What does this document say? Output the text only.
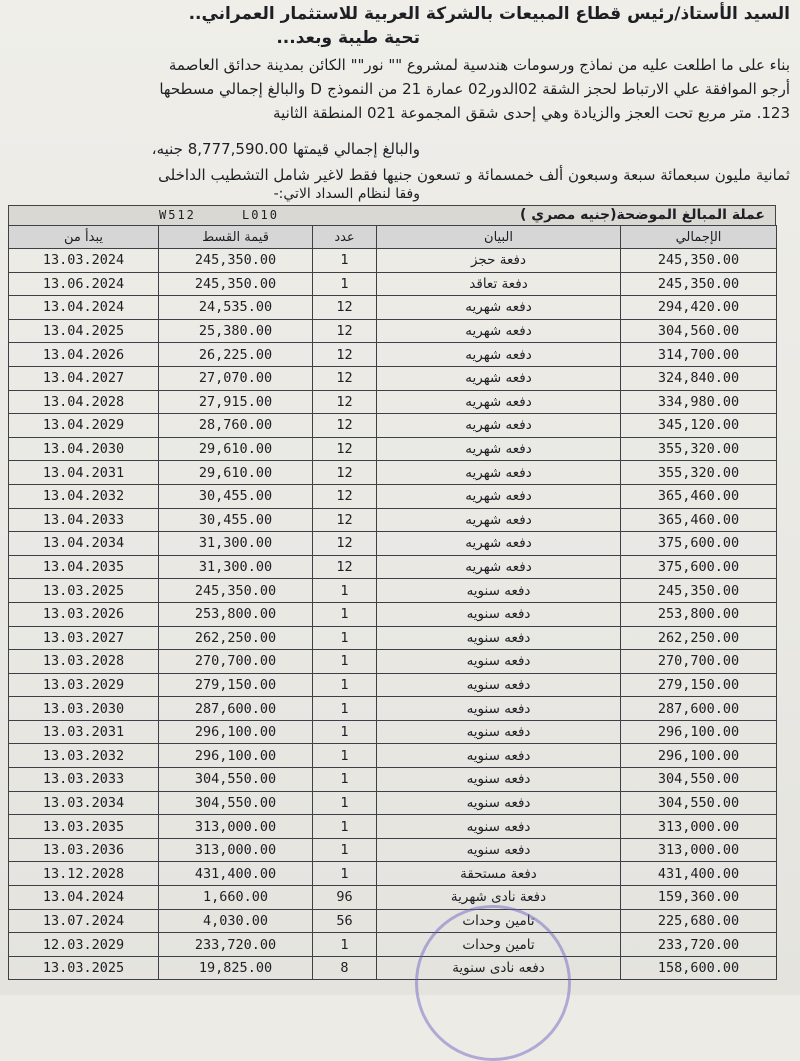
السيد الأستاذ/رئيس قطاع المبيعات بالشركة العربية للاستثمار العمراني..
تحية طيبة وبعد...
بناء على ما اطلعت عليه من نماذج ورسومات هندسية لمشروع "" نور"" الكائن بمدينة حدائق العاصمة
أرجو الموافقة علي الارتباط لحجز الشقة 02الدور02 عمارة 21 من النموذج D والبالغ إجمالي مسطحها
123. متر مربع تحت العجز والزيادة وهي إحدى شقق المجموعة 021 المنطقة الثانية
والبالغ إجمالي قيمتها 8,777,590.00 جنيه،
ثمانية مليون سبعمائة سبعة وسبعون ألف خمسمائة و تسعون جنيها فقط لاغير شامل التشطيب الداخلى
وفقا لنظام السداد الاتي:-
عملة المبالغ الموضحة(جنيه مصري )
W512	L010
يبدأ من	قيمة القسط	عدد	البيان	الإجمالي
13.03.2024	245,350.00	1	دفعة حجز	245,350.00
13.06.2024	245,350.00	1	دفعة تعاقد	245,350.00
13.04.2024	24,535.00	12	دفعه شهريه	294,420.00
13.04.2025	25,380.00	12	دفعه شهريه	304,560.00
13.04.2026	26,225.00	12	دفعه شهريه	314,700.00
13.04.2027	27,070.00	12	دفعه شهريه	324,840.00
13.04.2028	27,915.00	12	دفعه شهريه	334,980.00
13.04.2029	28,760.00	12	دفعه شهريه	345,120.00
13.04.2030	29,610.00	12	دفعه شهريه	355,320.00
13.04.2031	29,610.00	12	دفعه شهريه	355,320.00
13.04.2032	30,455.00	12	دفعه شهريه	365,460.00
13.04.2033	30,455.00	12	دفعه شهريه	365,460.00
13.04.2034	31,300.00	12	دفعه شهريه	375,600.00
13.04.2035	31,300.00	12	دفعه شهريه	375,600.00
13.03.2025	245,350.00	1	دفعه سنويه	245,350.00
13.03.2026	253,800.00	1	دفعه سنويه	253,800.00
13.03.2027	262,250.00	1	دفعه سنويه	262,250.00
13.03.2028	270,700.00	1	دفعه سنويه	270,700.00
13.03.2029	279,150.00	1	دفعه سنويه	279,150.00
13.03.2030	287,600.00	1	دفعه سنويه	287,600.00
13.03.2031	296,100.00	1	دفعه سنويه	296,100.00
13.03.2032	296,100.00	1	دفعه سنويه	296,100.00
13.03.2033	304,550.00	1	دفعه سنويه	304,550.00
13.03.2034	304,550.00	1	دفعه سنويه	304,550.00
13.03.2035	313,000.00	1	دفعه سنويه	313,000.00
13.03.2036	313,000.00	1	دفعه سنويه	313,000.00
13.12.2028	431,400.00	1	دفعة مستحقة	431,400.00
13.04.2024	1,660.00	96	دفعة نادى شهرية	159,360.00
13.07.2024	4,030.00	56	تامين وحدات	225,680.00
12.03.2029	233,720.00	1	تامين وحدات	233,720.00
13.03.2025	19,825.00	8	دفعه نادى سنوية	158,600.00
